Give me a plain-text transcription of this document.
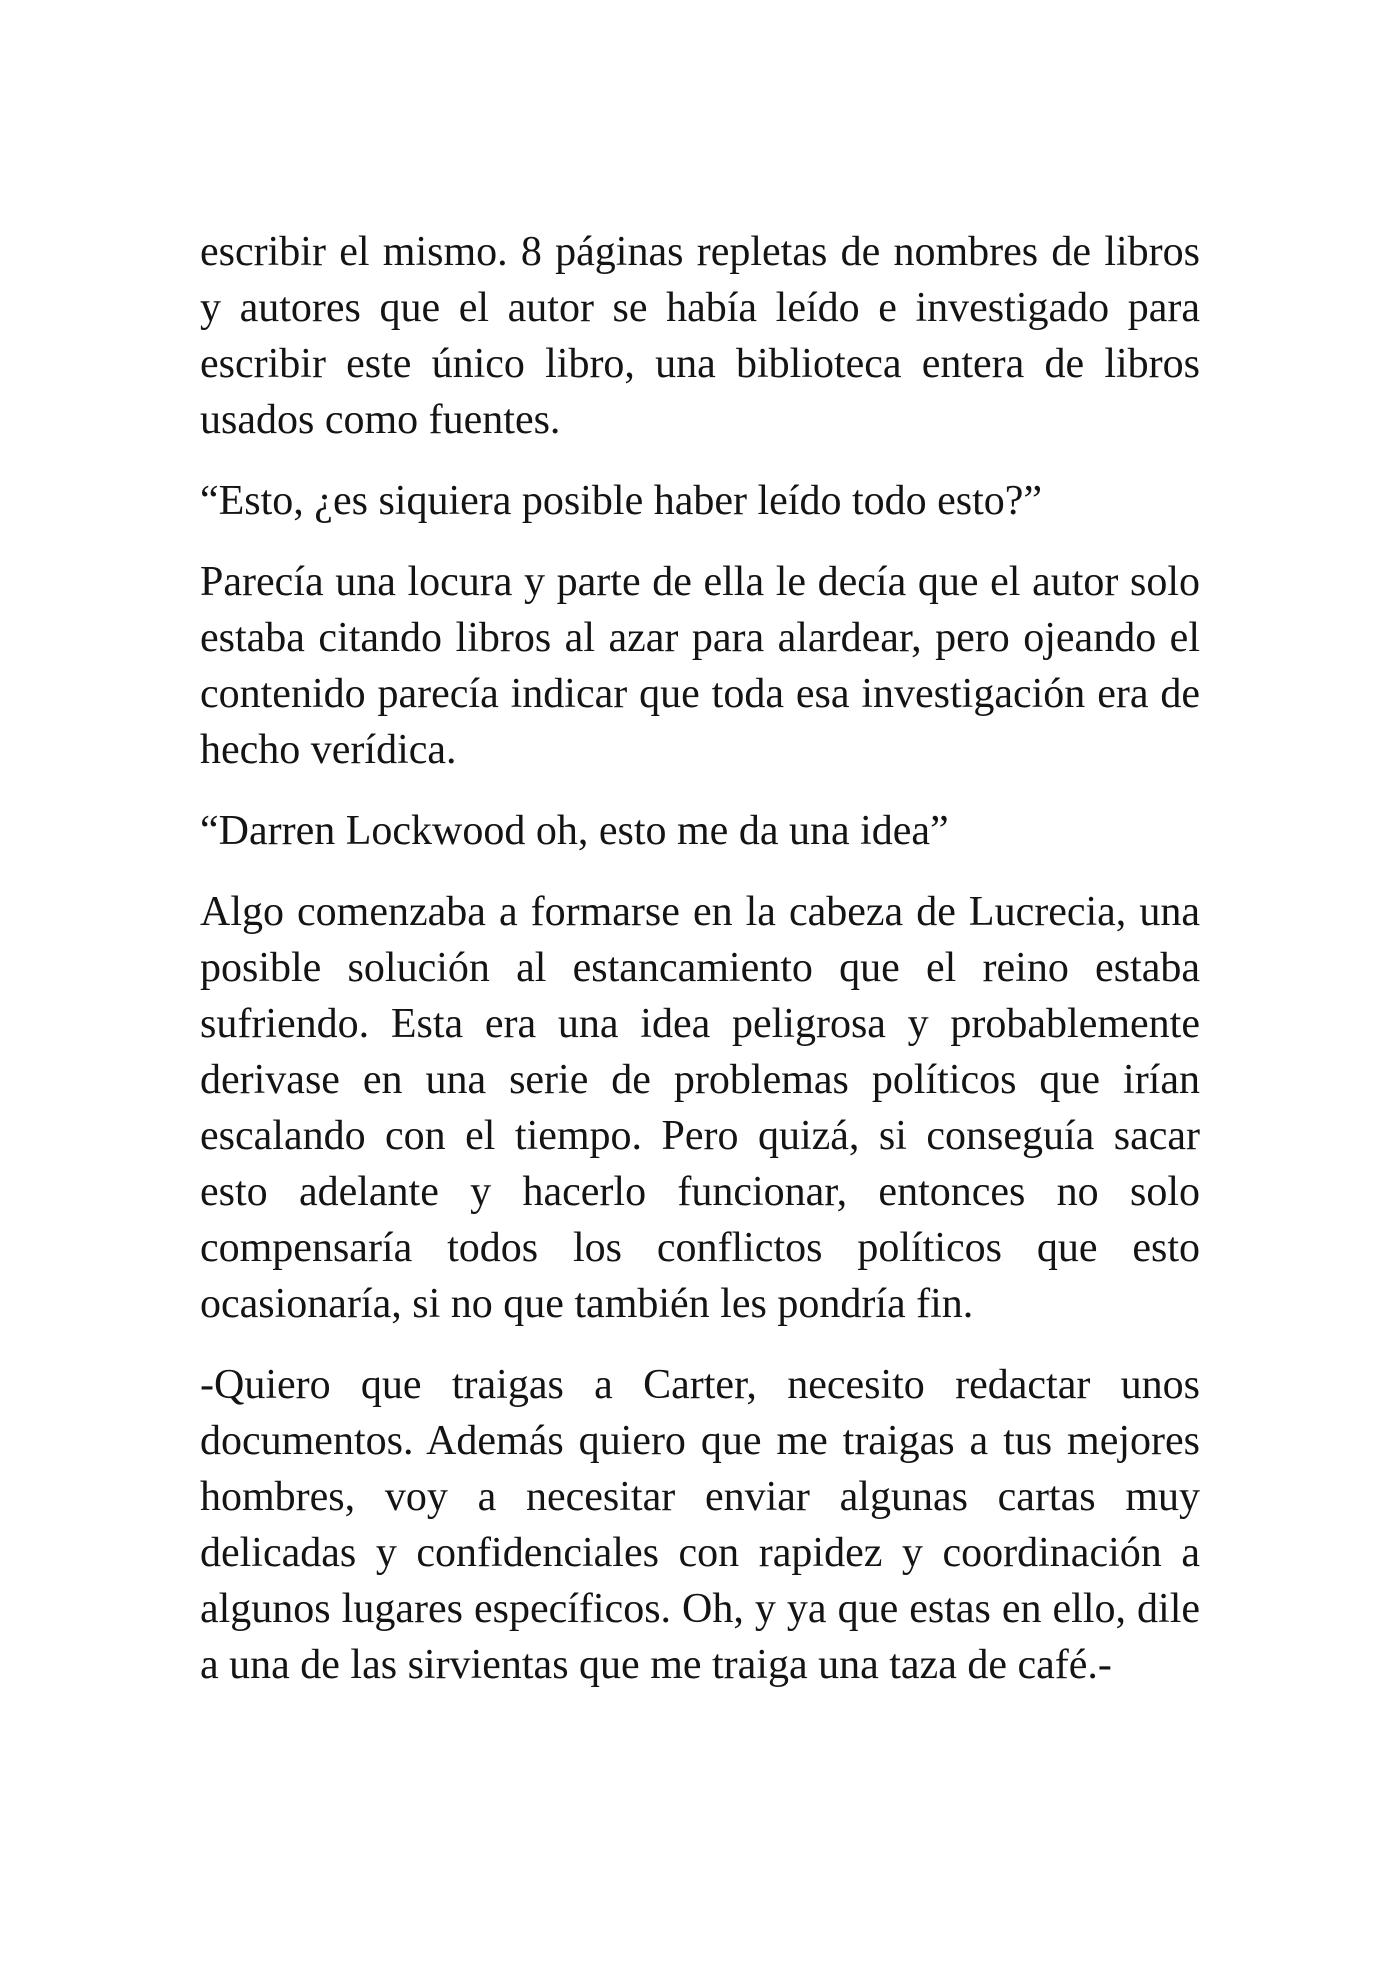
escribir el mismo. 8 páginas repletas de nombres de libros y autores que el autor se había leído e investigado para escribir este único libro, una biblioteca entera de libros usados como fuentes.

“Esto, ¿es siquiera posible haber leído todo esto?”

Parecía una locura y parte de ella le decía que el autor solo estaba citando libros al azar para alardear, pero ojeando el contenido parecía indicar que toda esa investigación era de hecho verídica.

“Darren Lockwood oh, esto me da una idea”

Algo comenzaba a formarse en la cabeza de Lucrecia, una posible solución al estancamiento que el reino estaba sufriendo. Esta era una idea peligrosa y probablemente derivase en una serie de problemas políticos que irían escalando con el tiempo. Pero quizá, si conseguía sacar esto adelante y hacerlo funcionar, entonces no solo compensaría todos los conflictos políticos que esto ocasionaría, si no que también les pondría fin.

-Quiero que traigas a Carter, necesito redactar unos documentos. Además quiero que me traigas a tus mejores hombres, voy a necesitar enviar algunas cartas muy delicadas y confidenciales con rapidez y coordinación a algunos lugares específicos. Oh, y ya que estas en ello, dile a una de las sirvientas que me traiga una taza de café.-
